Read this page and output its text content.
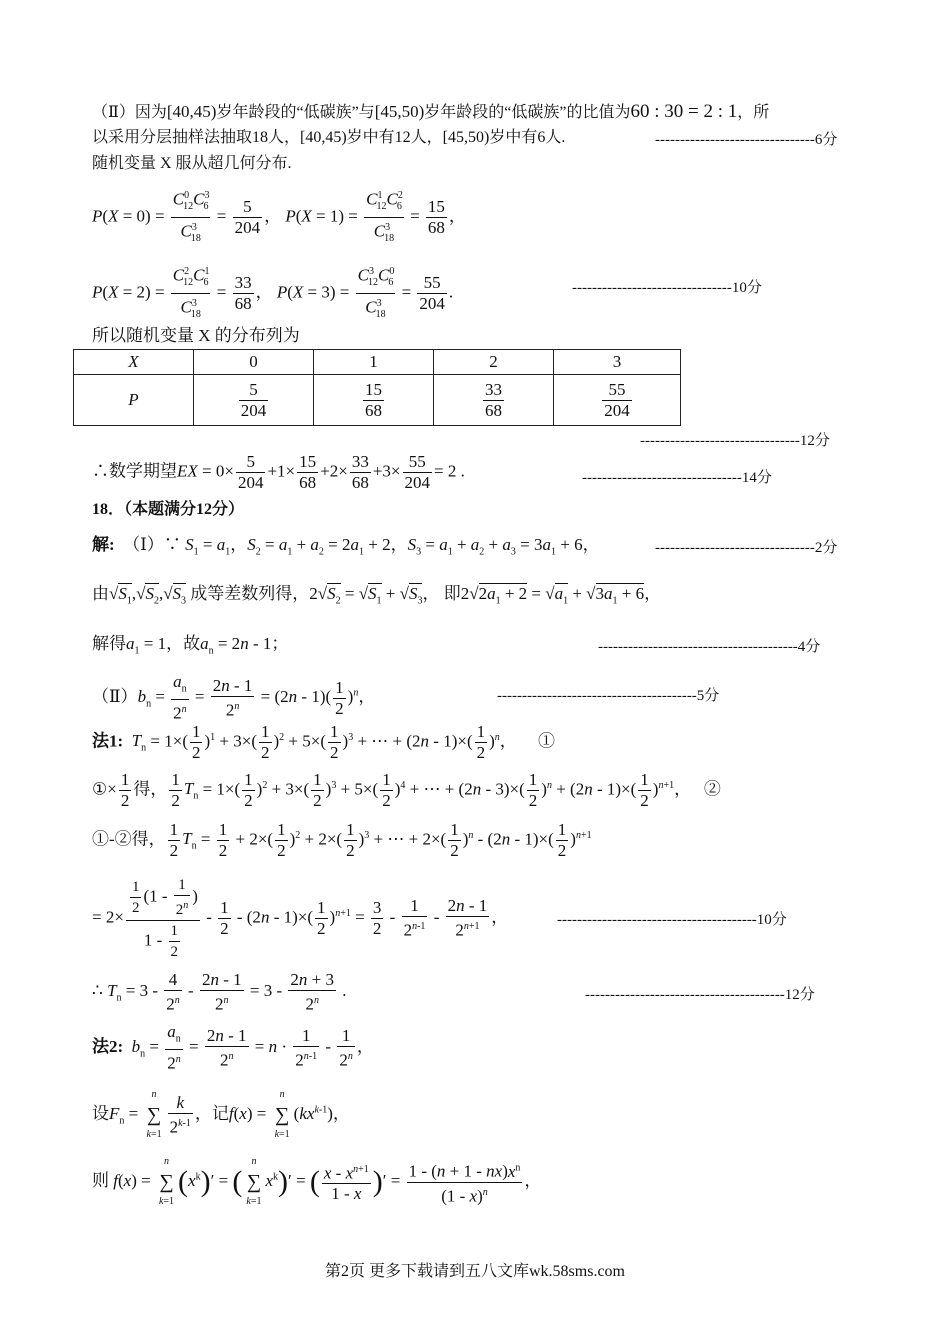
（Ⅱ）因为[40,45)岁年龄段的“低碳族”与[45,50)岁年龄段的“低碳族”的比值为60 : 30 = 2 : 1，所
以采用分层抽样法抽取18人，[40,45)岁中有12人，[45,50)岁中有6人.	--------------------------------6分
随机变量 X 服从超几何分布.
$P(X = 0) = \frac{C^0_{12}C^3_6}{C^3_{18}} = \frac{5}{204}$ ， $P(X = 1) = \frac{C^1_{12}C^2_6}{C^3_{18}} = \frac{15}{68}$ ，
$P(X = 2) = \frac{C^2_{12}C^1_6}{C^3_{18}} = \frac{33}{68}$ ， $P(X = 3) = \frac{C^3_{12}C^0_6}{C^3_{18}} = \frac{55}{204}$ .	--------------------------------10分
所以随机变量 X 的分布列为
X	0	1	2	3
P	$\frac{5}{204}$	$\frac{15}{68}$	$\frac{33}{68}$	$\frac{55}{204}$
--------------------------------12分
∴数学期望EX = $0\times \frac{5}{204} +1\times \frac{15}{68} +2\times \frac{33}{68} +3\times \frac{55}{204} = 2$ .	--------------------------------14分
18．（本题满分12分）
解: （Ⅰ）∵ $S_1 = a_1$，$S_2 = a_1 + a_2 = 2a_1 + 2$，$S_3 = a_1 + a_2 + a_3 = 3a_1 + 6$，	--------------------------------2分
由$√S_1,√S_2,√S_3$ 成等差数列得，$2√S_2 = √S_1 + √S_3$， 即$2√2a_1 + 2 = √a_1 + √3a_1 + 6$，
解得$a_1 = 1$，故$a_n = 2n - 1$；	----------------------------------------4分
$(Ⅱ)b_n = \frac{a_n}{2^n} = \frac{2n - 1}{2^n} = (2n - 1)( \frac{1}{2} )^n$，	----------------------------------------5分
法1: $T_n = 1\times( \frac{1}{2} )^1 + 3\times( \frac{1}{2} )^2 + 5\times( \frac{1}{2} )^3$ + ⋯ + $(2n - 1)\times( \frac{1}{2} )^n$，     ①
①× $\frac{1}{2}$ 得， $\frac{1}{2} T_n = 1\times( \frac{1}{2} )^2 + 3\times( \frac{1}{2} )^3 + 5\times( \frac{1}{2} )^4$ + ⋯ + $(2n - 3)\times( \frac{1}{2} )^n + (2n - 1)\times( \frac{1}{2} )^{n+1}$，   ②
①-②得， $\frac{1}{2} T_n = \frac{1}{2} + 2\times( \frac{1}{2} )^2 + 2\times( \frac{1}{2} )^3$ + ⋯ + $2\times( \frac{1}{2} )^n - (2n - 1)\times( \frac{1}{2} )^{n+1}$
= $2\times \frac{\frac{1}{2} (1 - \frac{1}{2^n} )}{1 - \frac{1}{2}} - \frac{1}{2} - (2n - 1)\times( \frac{1}{2} )^{n+1} = \frac{3}{2} - \frac{1}{2^{n-1}} - \frac{2n - 1}{2^{n+1}}$ ，	----------------------------------------10分
∴ $T_n = 3 - \frac{4}{2^n} - \frac{2n - 1}{2^n} = 3 - \frac{2n + 3}{2^n}$ .	----------------------------------------12分
法2: $b_n = \frac{a_n}{2^n} = \frac{2n - 1}{2^n} = n \cdot \frac{1}{2^{n-1}} - \frac{1}{2^n}$ ，
设$F_n$ =
n
∑
$k=1 \frac{k}{2^{k-1}}$ ，记f(x) =
n
∑
k=1
$(kx^{k-1})$，
则 f(x) =
n
∑
k=1
$(x^k)'$ = (
n
∑
k=1
$x^k)'$ = ( $\frac{x - x^{n+1}}{1 - x}$ )′ = $\frac{1 - (n + 1 - nx)x^n}{(1 - x)^n}$ ，
第2页 更多下载请到五八文库wk.58sms.com
